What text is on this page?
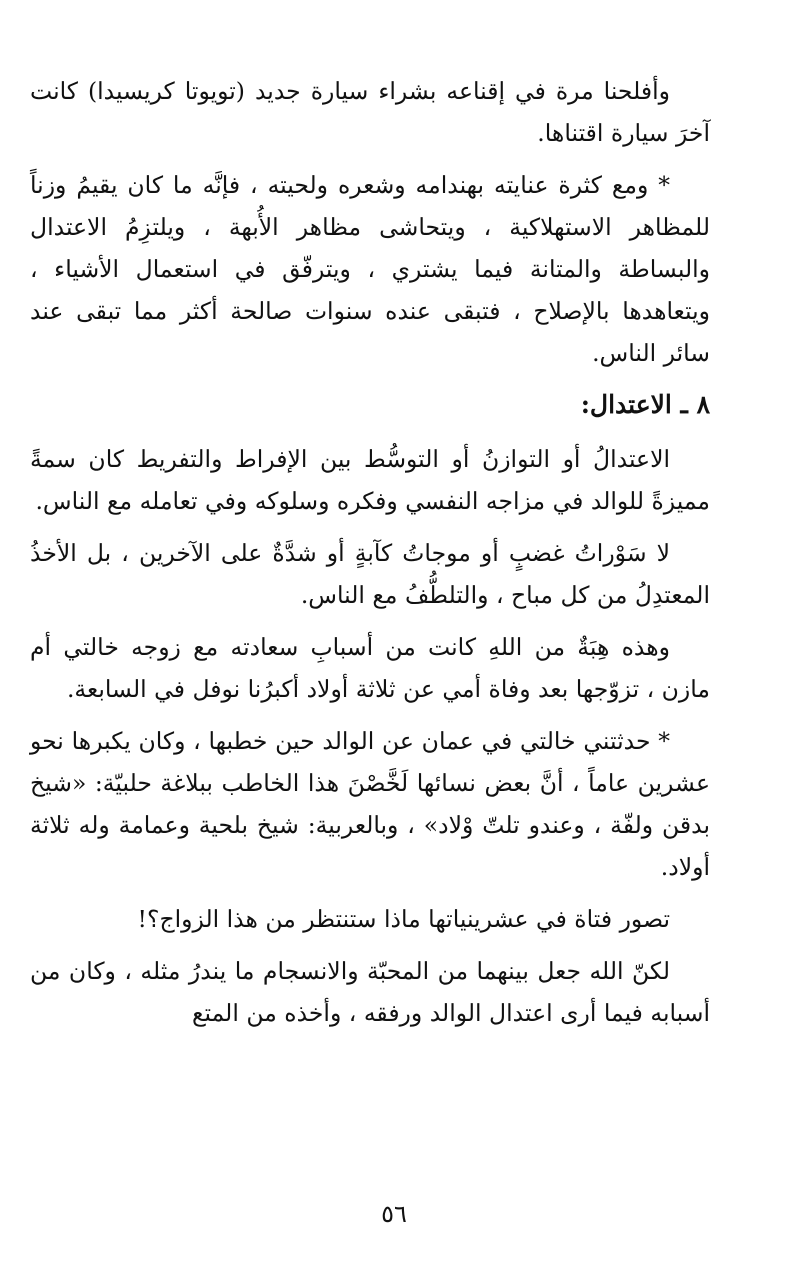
وأفلحنا مرة في إقناعه بشراء سيارة جديد (تويوتا كريسيدا) كانت آخرَ سيارة اقتناها.

* ومع كثرة عنايته بهندامه وشعره ولحيته ، فإنَّه ما كان يقيمُ وزناً للمظاهر الاستهلاكية ، ويتحاشى مظاهر الأُبهة ، ويلتزِمُ الاعتدال والبساطة والمتانة فيما يشتري ، ويترفّق في استعمال الأشياء ، ويتعاهدها بالإصلاح ، فتبقى عنده سنوات صالحة أكثر مما تبقى عند سائر الناس.

٨ ـ الاعتدال:

الاعتدالُ أو التوازنُ أو التوسُّط بين الإفراط والتفريط كان سمةً مميزةً للوالد في مزاجه النفسي وفكره وسلوكه وفي تعامله مع الناس.

لا سَوْراتُ غضبٍ أو موجاتُ كآبةٍ أو شدَّةٌ على الآخرين ، بل الأخذُ المعتدِلُ من كل مباح ، والتلطُّفُ مع الناس.

وهذه هِبَةٌ من اللهِ كانت من أسبابِ سعادته مع زوجه خالتي أم مازن ، تزوّجها بعد وفاة أمي عن ثلاثة أولاد أكبرُنا نوفل في السابعة.

* حدثتني خالتي في عمان عن الوالد حين خطبها ، وكان يكبرها نحو عشرين عاماً ، أنَّ بعض نسائها لَخَّصْنَ هذا الخاطب ببلاغة حلبيّة: «شيخ بدقن ولفّة ، وعندو تلتّ وْلاد» ، وبالعربية: شيخ بلحية وعمامة وله ثلاثة أولاد.

تصور فتاة في عشرينياتها ماذا ستنتظر من هذا الزواج؟!

لكنّ الله جعل بينهما من المحبّة والانسجام ما يندرُ مثله ، وكان من أسبابه فيما أرى اعتدال الوالد ورفقه ، وأخذه من المتع

٥٦
